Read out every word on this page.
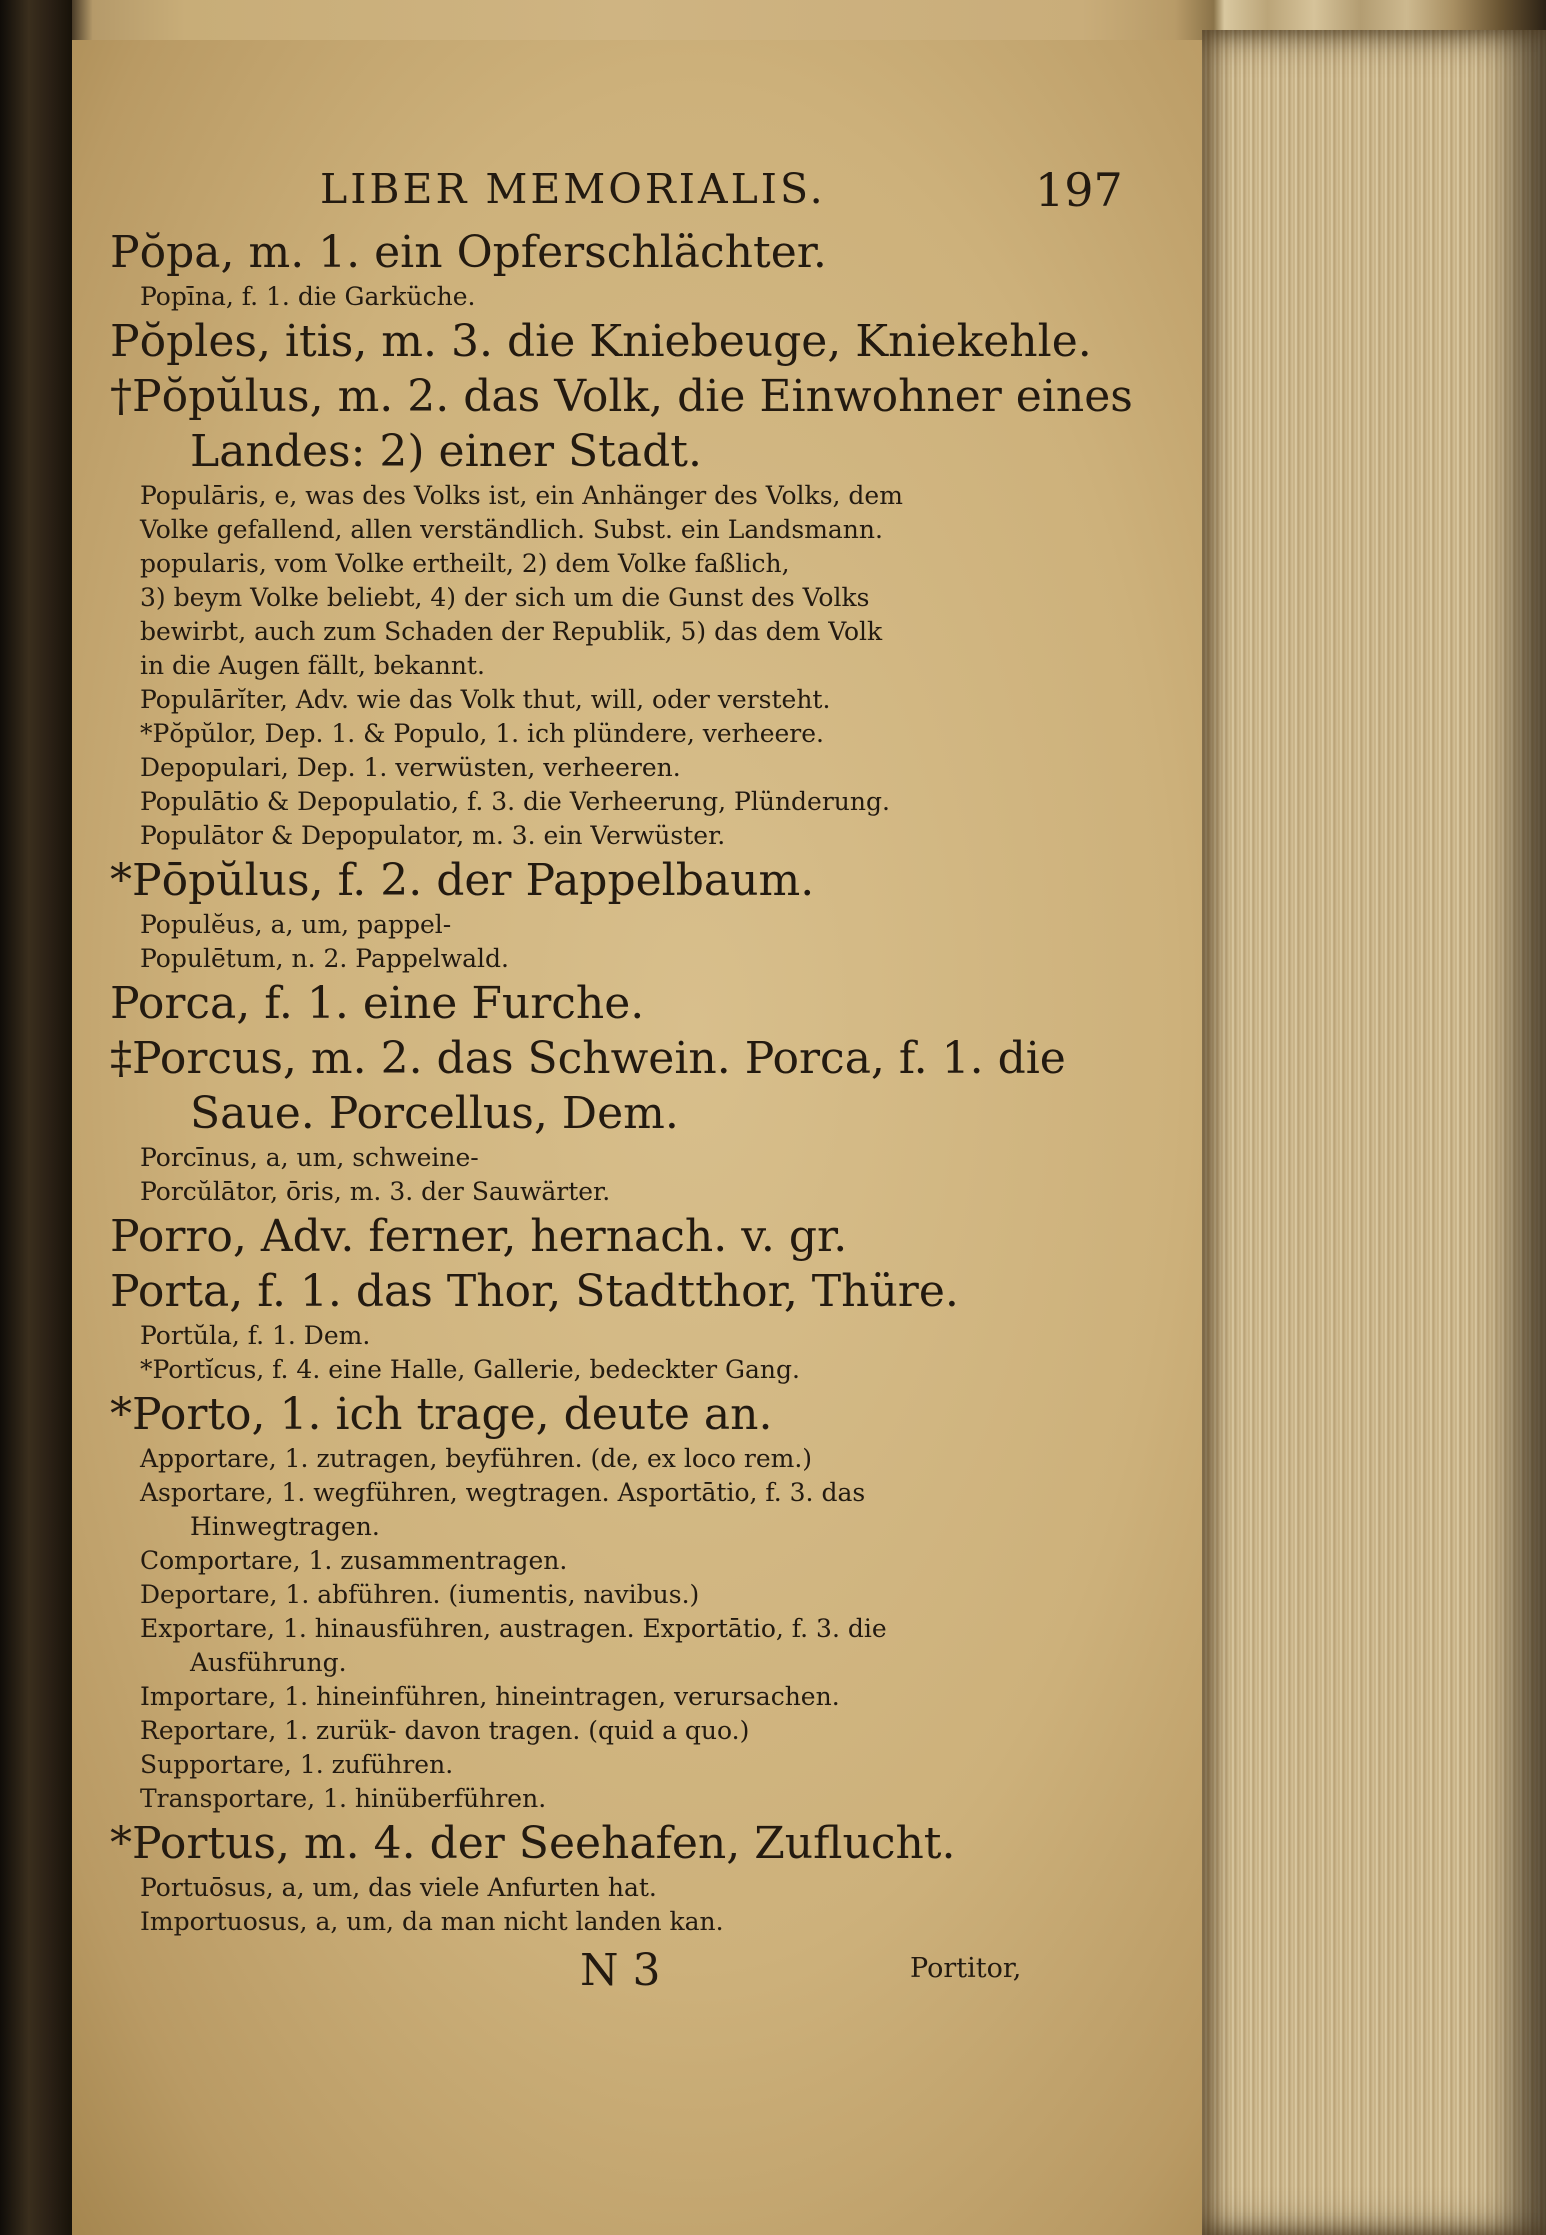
LIBER MEMORIALIS.	197
Pŏpa, m. 1. ein Opferschlächter.
Popīna, f. 1. die Garküche.
Pŏples, itis, m. 3. die Kniebeuge, Kniekehle.
†Pŏpŭlus, m. 2. das Volk, die Einwohner eines
Landes: 2) einer Stadt.
Populāris, e, was des Volks ist, ein Anhänger des Volks, dem
Volke gefallend, allen verständlich. Subst. ein Landsmann.
popularis, vom Volke ertheilt, 2) dem Volke faßlich,
3) beym Volke beliebt, 4) der sich um die Gunst des Volks
bewirbt, auch zum Schaden der Republik, 5) das dem Volk
in die Augen fällt, bekannt.
Populārĭter, Adv. wie das Volk thut, will, oder versteht.
*Pŏpŭlor, Dep. 1. & Populo, 1. ich plündere, verheere.
Depopulari, Dep. 1. verwüsten, verheeren.
Populātio & Depopulatio, f. 3. die Verheerung, Plünderung.
Populātor & Depopulator, m. 3. ein Verwüster.
*Pōpŭlus, f. 2. der Pappelbaum.
Populĕus, a, um, pappel-
Populētum, n. 2. Pappelwald.
Porca, f. 1. eine Furche.
‡Porcus, m. 2. das Schwein. Porca, f. 1. die
Saue. Porcellus, Dem.
Porcīnus, a, um, schweine-
Porcŭlātor, ōris, m. 3. der Sauwärter.
Porro, Adv. ferner, hernach. v. gr.
Porta, f. 1. das Thor, Stadtthor, Thüre.
Portŭla, f. 1. Dem.
*Portĭcus, f. 4. eine Halle, Gallerie, bedeckter Gang.
*Porto, 1. ich trage, deute an.
Apportare, 1. zutragen, beyführen. (de, ex loco rem.)
Asportare, 1. wegführen, wegtragen. Asportātio, f. 3. das
Hinwegtragen.
Comportare, 1. zusammentragen.
Deportare, 1. abführen. (iumentis, navibus.)
Exportare, 1. hinausführen, austragen. Exportātio, f. 3. die
Ausführung.
Importare, 1. hineinführen, hineintragen, verursachen.
Reportare, 1. zurük- davon tragen. (quid a quo.)
Supportare, 1. zuführen.
Transportare, 1. hinüberführen.
*Portus, m. 4. der Seehafen, Zuflucht.
Portuōsus, a, um, das viele Anfurten hat.
Importuosus, a, um, da man nicht landen kan.
N 3	Portitor,
